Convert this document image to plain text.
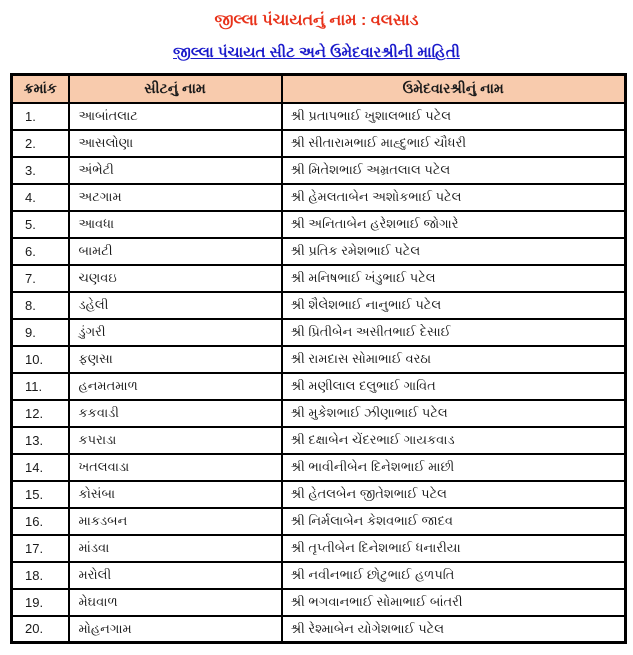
જીલ્લા પંચાયતનું નામ : વલસાડ
જીલ્લા પંચાયત સીટ અને ઉમેદવારશ્રીની માહિતી
ક્રમાંક	સીટનું નામ	ઉમેદવારશ્રીનું નામ
1.	આબાંતલાટ	શ્રી પ્રતાપભાઈ ખુશાલભાઈ પટેલ
2.	આસલોણા	શ્રી સીતારામભાઈ માહ્દુભાઈ ચૌધરી
3.	અંભેટી	શ્રી મિતેશભાઈ અમ્રતલાલ પટેલ
4.	અટગામ	શ્રી હેમલતાબેન અશોકભાઈ પટેલ
5.	આવધા	શ્રી અનિતાબેન હરેશભાઈ જોગારે
6.	બામટી	શ્રી પ્રતિક રમેશભાઈ પટેલ
7.	ચણવઇ	શ્રી મનિષભાઈ ખંડુભાઈ પટેલ
8.	ડહેલી	શ્રી શૈલેશભાઈ નાનુભાઈ પટેલ
9.	ડુંગરી	શ્રી પ્રિતીબેન અસીતભાઈ દેસાઈ
10.	ફણસા	શ્રી રામદાસ સોમાભાઈ વરઠા
11.	હનમતમાળ	શ્રી મણીલાલ દલુભાઈ ગાવિત
12.	કકવાડી	શ્રી મુકેશભાઈ ઝીણાભાઈ પટેલ
13.	કપરાડા	શ્રી દક્ષાબેન ચેંદરભાઈ ગાયકવાડ
14.	ખતલવાડા	શ્રી ભાવીનીબેન દિનેશભાઈ માછી
15.	કોસંબા	શ્રી હેતલબેન જીતેશભાઈ પટેલ
16.	માકડબન	શ્રી નિર્મલાબેન કેશવભાઈ જાદવ
17.	માંડવા	શ્રી તૃપ્તીબેન દિનેશભાઈ ધનારીયા
18.	મરોલી	શ્રી નવીનભાઈ છોટુભાઈ હળપતિ
19.	મેઘવાળ	શ્રી ભગવાનભાઈ સોમાભાઈ બાંતરી
20.	મોહનગામ	શ્રી રેશ્માબેન યોગેશભાઈ પટેલ
